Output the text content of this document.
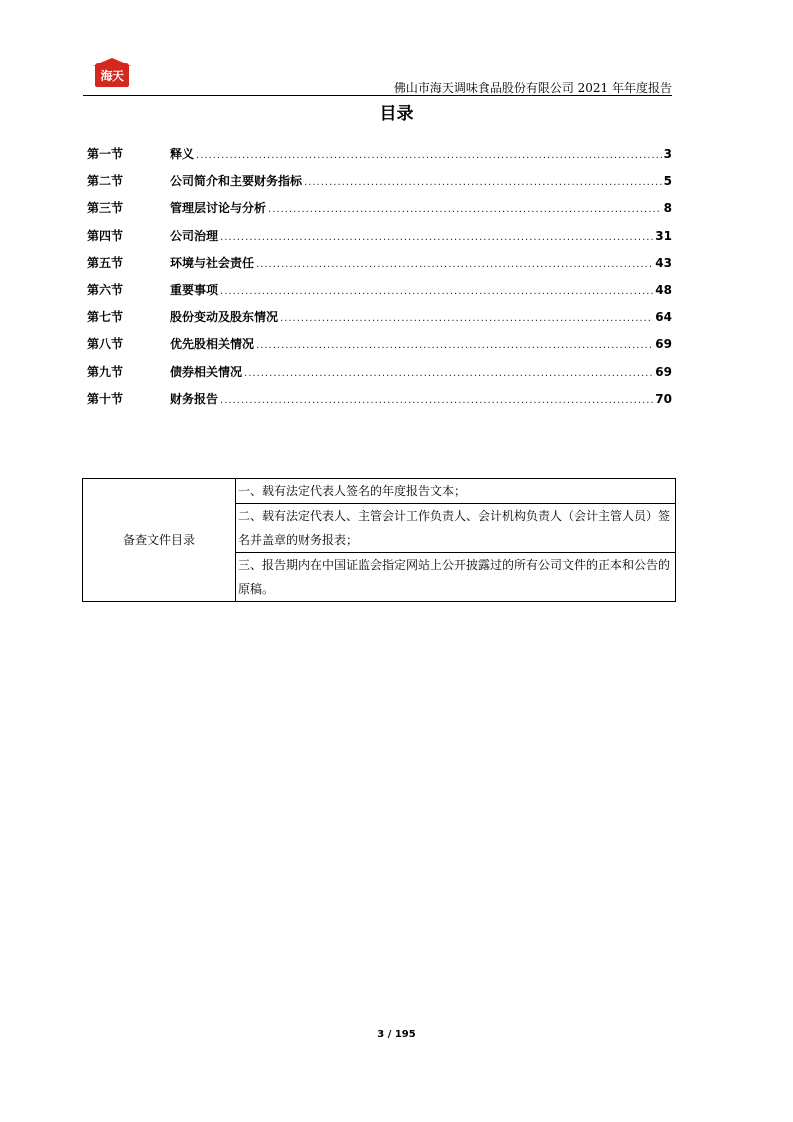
海天
佛山市海天调味食品股份有限公司 2021 年年度报告
目录
第一节	释义 .....	3
第二节	公司简介和主要财务指标 .....	5
第三节	管理层讨论与分析 .....	8
第四节	公司治理 .....	31
第五节	环境与社会责任 .....	43
第六节	重要事项 .....	48
第七节	股份变动及股东情况 .....	64
第八节	优先股相关情况 .....	69
第九节	债券相关情况 .....	69
第十节	财务报告 .....	70
备查文件目录	一、载有法定代表人签名的年度报告文本；
二、载有法定代表人、主管会计工作负责人、会计机构负责人（会计主管人员）签名并盖章的财务报表；
三、报告期内在中国证监会指定网站上公开披露过的所有公司文件的正本和公告的原稿。
3 / 195
